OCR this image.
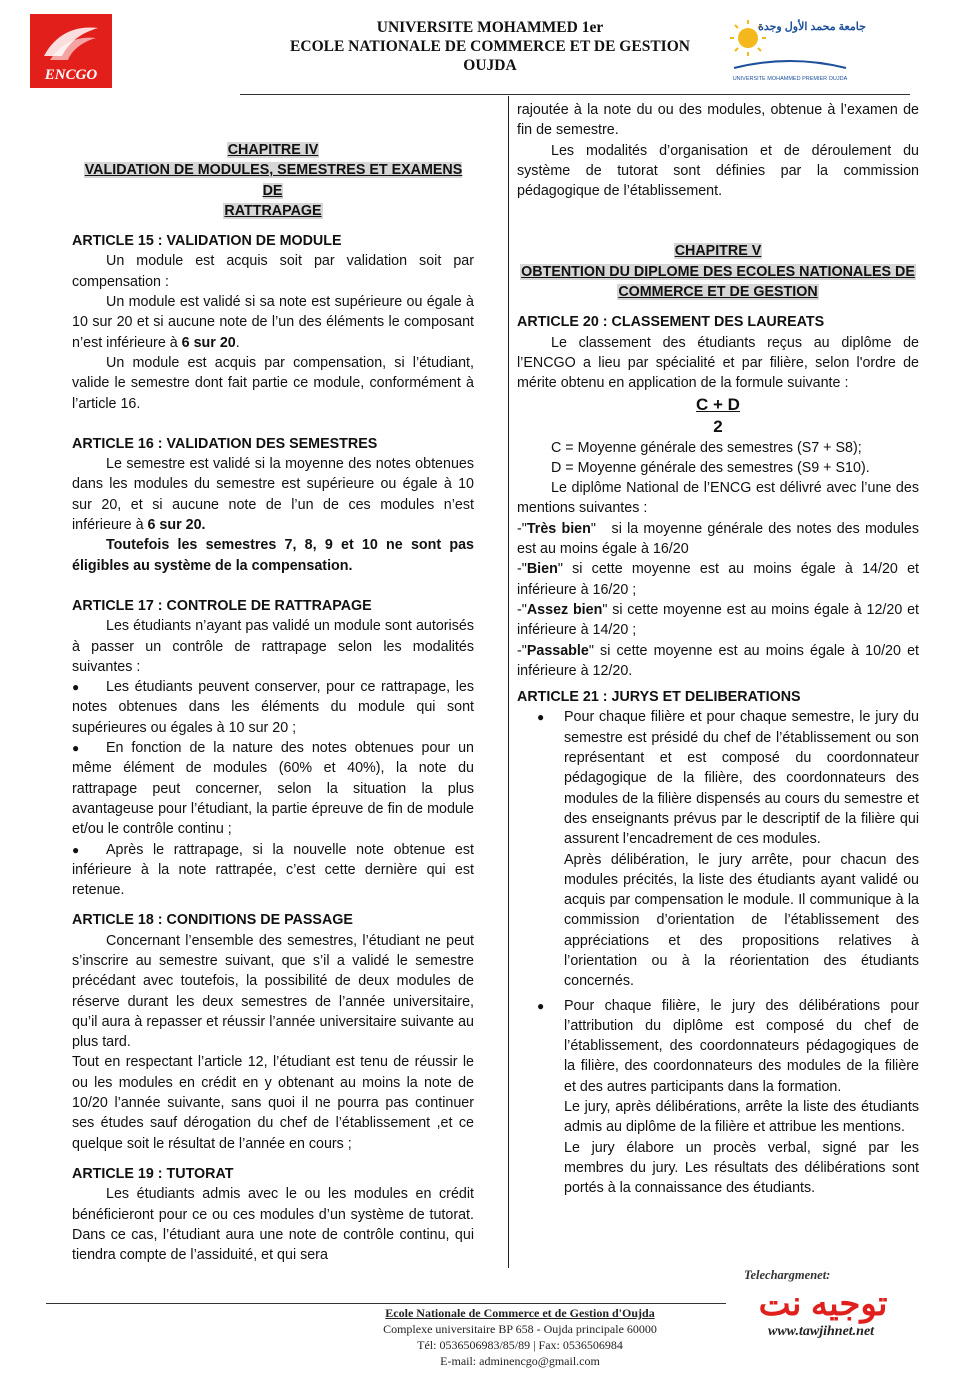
ENCGO
UNIVERSITE MOHAMMED 1er
ECOLE NATIONALE DE COMMERCE ET DE GESTION
OUJDA
جامعة محمد الأول وجدة
UNIVERSITE MOHAMMED PREMIER OUJDA

CHAPITRE IV

VALIDATION DE MODULES, SEMESTRES ET EXAMENS DE
RATTRAPAGE

ARTICLE 15 : VALIDATION DE MODULE

Un module est acquis soit par validation soit par compensation :

Un module est validé si sa note est supérieure ou égale à 10 sur 20 et si aucune note de l’un des éléments le composant n’est inférieure à 6 sur 20.

Un module est acquis par compensation, si l’étudiant, valide le semestre dont fait partie ce module, conformément à l’article 16.

ARTICLE 16 : VALIDATION DES SEMESTRES

Le semestre est validé si la moyenne des notes obtenues dans les modules du semestre est supérieure ou égale à 10 sur 20, et si aucune note de l’un de ces modules n’est inférieure à 6 sur 20.

Toutefois les semestres 7, 8, 9 et 10 ne sont pas éligibles au système de la compensation.

ARTICLE 17 : CONTROLE DE RATTRAPAGE

Les étudiants n’ayant pas validé un module sont autorisés à passer un contrôle de rattrapage selon les modalités suivantes :

● Les étudiants peuvent conserver, pour ce rattrapage, les notes obtenues dans les éléments du module qui sont supérieures ou égales à 10 sur 20 ;

● En fonction de la nature des notes obtenues pour un même élément de modules (60% et 40%), la note du rattrapage peut concerner, selon la situation la plus avantageuse pour l’étudiant, la partie épreuve de fin de module et/ou le contrôle continu ;

● Après le rattrapage, si la nouvelle note obtenue est inférieure à la note rattrapée, c’est cette dernière qui est retenue.

ARTICLE 18 : CONDITIONS DE PASSAGE

Concernant l’ensemble des semestres, l’étudiant ne peut s’inscrire au semestre suivant, que s’il a validé le semestre précédant avec toutefois, la possibilité de deux modules de réserve durant les deux semestres de l’année universitaire, qu’il aura à repasser et réussir l’année universitaire suivante au plus tard.

Tout en respectant l’article 12, l’étudiant est tenu de réussir le ou les modules en crédit en y obtenant au moins la note de 10/20 l’année suivante, sans quoi il ne pourra pas continuer ses études sauf dérogation du chef de l’établissement ,et ce quelque soit le résultat de l’année en cours ;

ARTICLE 19 : TUTORAT

Les étudiants admis avec le ou les modules en crédit bénéficieront pour ce ou ces modules d’un système de tutorat. Dans ce cas, l’étudiant aura une note de contrôle continu, qui tiendra compte de l’assiduité, et qui sera

rajoutée à la note du ou des modules, obtenue à l’examen de fin de semestre.

Les modalités d’organisation et de déroulement du système de tutorat sont définies par la commission pédagogique de l’établissement.

CHAPITRE V

OBTENTION DU DIPLOME DES ECOLES NATIONALES DE
COMMERCE ET DE GESTION

ARTICLE 20 : CLASSEMENT DES LAUREATS

Le classement des étudiants reçus au diplôme de l’ENCGO a lieu par spécialité et par filière, selon l'ordre de mérite obtenu en application de la formule suivante :

C + D
2

C = Moyenne générale des semestres (S7 + S8);

D = Moyenne générale des semestres (S9 + S10).

Le diplôme National de l’ENCG est délivré avec l’une des mentions suivantes :

-"Très bien"   si la moyenne générale des notes des modules est au moins égale à 16/20

-"Bien" si cette moyenne est au moins égale à 14/20 et inférieure à 16/20 ;

-"Assez bien" si cette moyenne est au moins égale à 12/20 et inférieure à 14/20 ;

-"Passable" si cette moyenne est au moins égale à 10/20 et inférieure à 12/20.

ARTICLE 21 : JURYS ET DELIBERATIONS

● Pour chaque filière et pour chaque semestre, le jury du semestre est présidé du chef de l’établissement ou son représentant et est composé du coordonnateur pédagogique de la filière, des coordonnateurs des modules de la filière dispensés au cours du semestre et des enseignants prévus par le descriptif de la filière qui assurent l’encadrement de ces modules.

Après délibération, le jury arrête, pour chacun des modules précités, la liste des étudiants ayant validé ou acquis par compensation le module. Il communique à la commission d’orientation de l’établissement des appréciations et des propositions relatives à l’orientation ou à la réorientation des étudiants concernés.

● Pour chaque filière, le jury des délibérations pour l’attribution du diplôme est composé du chef de l’établissement, des coordonnateurs pédagogiques de la filière, des coordonnateurs des modules de la filière et des autres participants dans la formation.

Le jury, après délibérations, arrête la liste des étudiants admis au diplôme de la filière et attribue les mentions.

Le jury élabore un procès verbal, signé par les membres du jury. Les résultats des délibérations sont portés à la connaissance des étudiants.

Telechargmenet:
توجيه نت
www.tawjihnet.net
Ecole Nationale de Commerce et de Gestion d'Oujda
Complexe universitaire BP 658 - Oujda principale 60000
Tél: 0536506983/85/89 | Fax: 0536506984
E-mail: adminencgo@gmail.com
